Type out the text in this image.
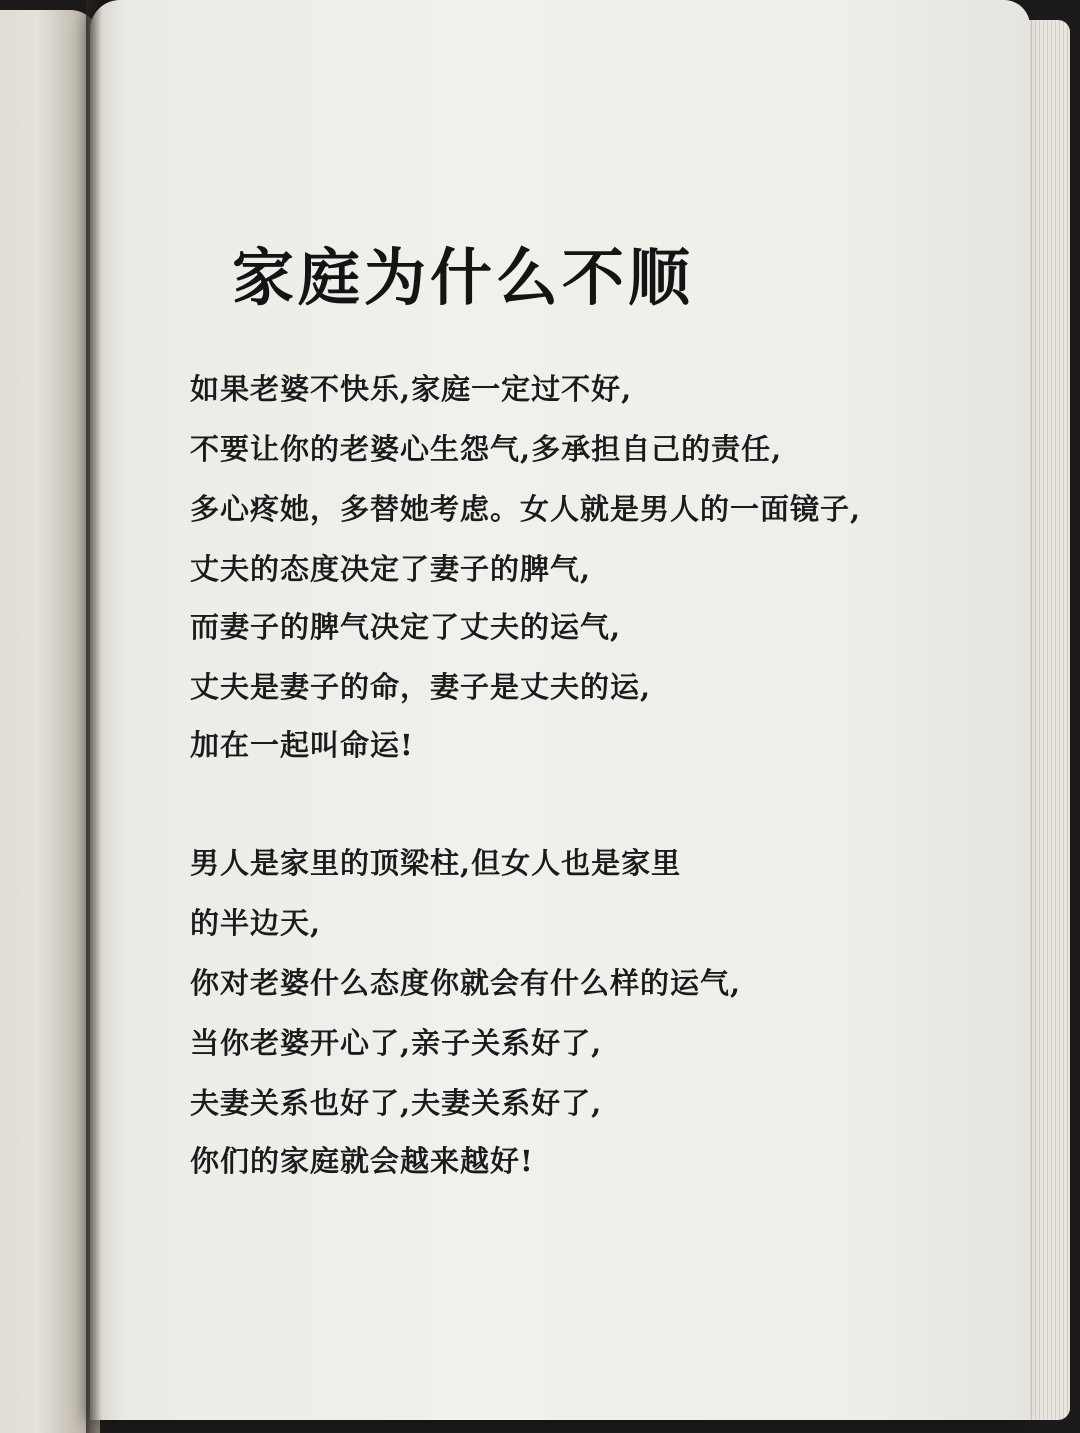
家庭为什么不顺

如果老婆不快乐,家庭一定过不好,

不要让你的老婆心生怨气,多承担自己的责任,

多心疼她，多替她考虑。女人就是男人的一面镜子,

丈夫的态度决定了妻子的脾气,

而妻子的脾气决定了丈夫的运气,

丈夫是妻子的命，妻子是丈夫的运,

加在一起叫命运!

男人是家里的顶梁柱,但女人也是家里

的半边天,

你对老婆什么态度你就会有什么样的运气,

当你老婆开心了,亲子关系好了,

夫妻关系也好了,夫妻关系好了,

你们的家庭就会越来越好!
